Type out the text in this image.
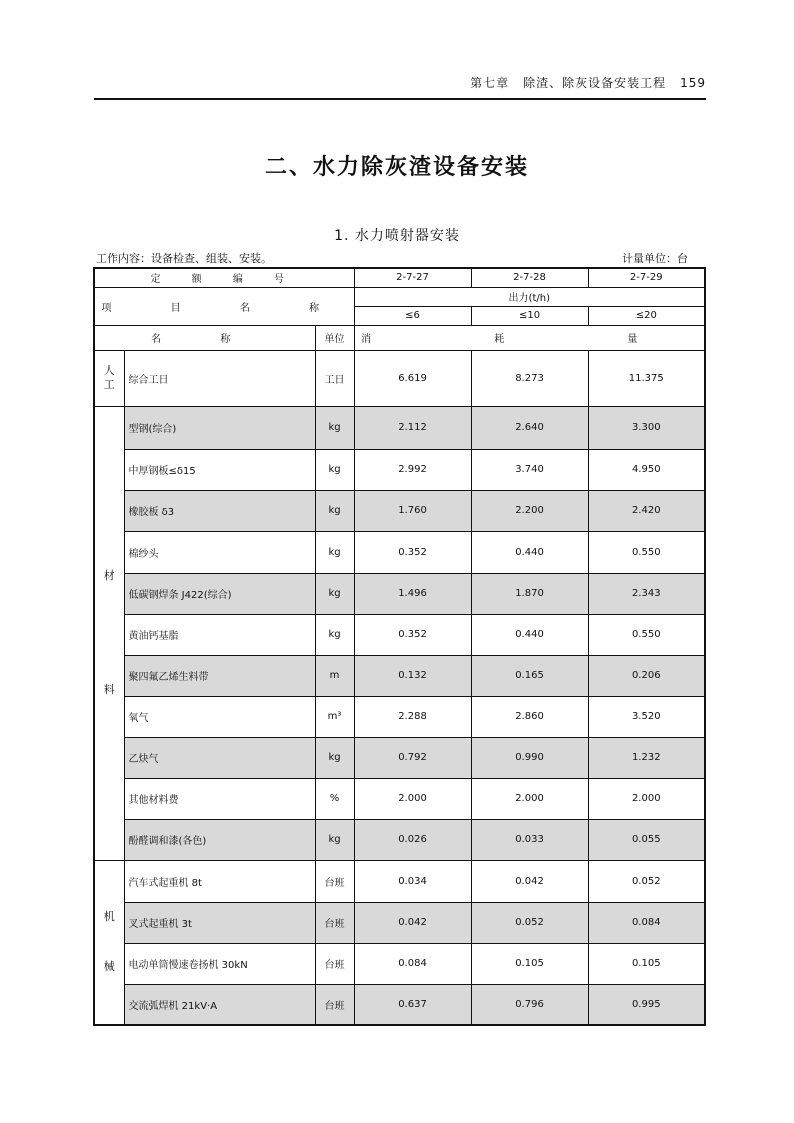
第七章 除渣、除灰设备安装工程 159
二、水力除灰渣设备安装
1. 水力喷射器安装
工作内容：设备检查、组装、安装。	计量单位：台
定 额 编 号			2-7-27	2-7-28	2-7-29
项 目 名 称			出力(t/h)		
			≤6	≤10	≤20
名 称		单位	消 耗 量		

人
工	综合工日	工日	6.619	8.273	11.375

材
料	型钢(综合)	kg	2.112	2.640	3.300
	中厚钢板≤δ15	kg	2.992	3.740	4.950
	橡胶板 δ3	kg	1.760	2.200	2.420
	棉纱头	kg	0.352	0.440	0.550
	低碳钢焊条 J422(综合)	kg	1.496	1.870	2.343
	黄油钙基脂	kg	0.352	0.440	0.550
	聚四氟乙烯生料带	m	0.132	0.165	0.206
	氧气	m³	2.288	2.860	3.520
	乙炔气	kg	0.792	0.990	1.232
	其他材料费	%	2.000	2.000	2.000
	酚醛调和漆(各色)	kg	0.026	0.033	0.055

机
械	汽车式起重机 8t	台班	0.034	0.042	0.052
	叉式起重机 3t	台班	0.042	0.052	0.084
	电动单筒慢速卷扬机 30kN	台班	0.084	0.105	0.105
	交流弧焊机 21kV·A	台班	0.637	0.796	0.995
